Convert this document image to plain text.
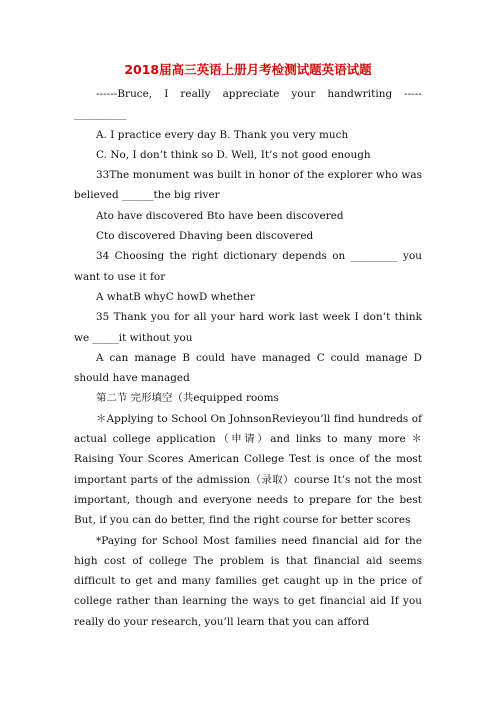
2018届高三英语上册月考检测试题英语试题

------Bruce, I really appreciate your handwriting -----__________

A. I practice every day B. Thank you very much

C. No, I don’t think so D. Well, It’s not good enough

33The monument was built in honor of the explorer who was believed ______the big river

Ato have discovered Bto have been discovered

Cto discovered Dhaving been discovered

34 Choosing the right dictionary depends on _________ you want to use it for

A whatB whyC howD whether

35 Thank you for all your hard work last week I don’t think we _____it without you

A can manage B could have managed C could manage D should have managed

第二节 完形填空（共equipped rooms

＊Applying to School On JohnsonRevieyou’ll find hundreds of actual college application（申请）and links to many more ＊Raising Your Scores American College Test is once of the most important parts of the admission（录取）course It’s not the most important, though and everyone needs to prepare for the best But, if you can do better, find the right course for better scores

*Paying for School Most families need financial aid for the high cost of college The problem is that financial aid seems difficult to get and many families get caught up in the price of college rather than learning the ways to get financial aid If you really do your research, you’ll learn that you can afford
